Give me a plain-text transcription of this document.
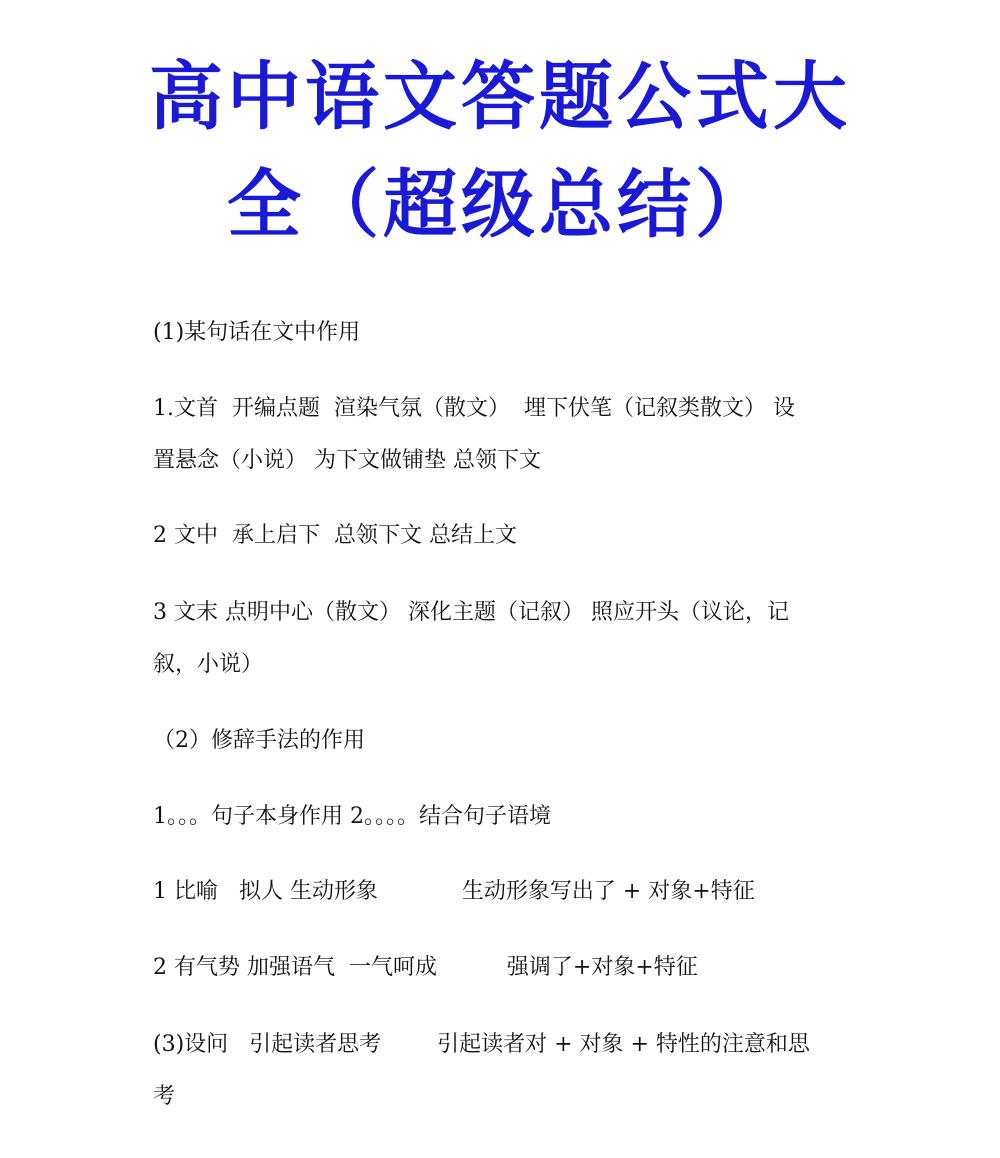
高中语文答题公式大
全（超级总结）

(1)某句话在文中作用

1.文首  开编点题  渲染气氛（散文）  埋下伏笔（记叙类散文） 设

置悬念（小说） 为下文做铺垫 总领下文

2 文中  承上启下  总领下文 总结上文

3 文末 点明中心（散文） 深化主题（记叙） 照应开头（议论，记

叙，小说）

（2）修辞手法的作用

1。。。句子本身作用 2。。。。结合句子语境

1 比喻   拟人 生动形象            生动形象写出了 + 对象+特征

2 有气势 加强语气  一气呵成          强调了+对象+特征

(3)设问   引起读者思考        引起读者对 + 对象 + 特性的注意和思

考
